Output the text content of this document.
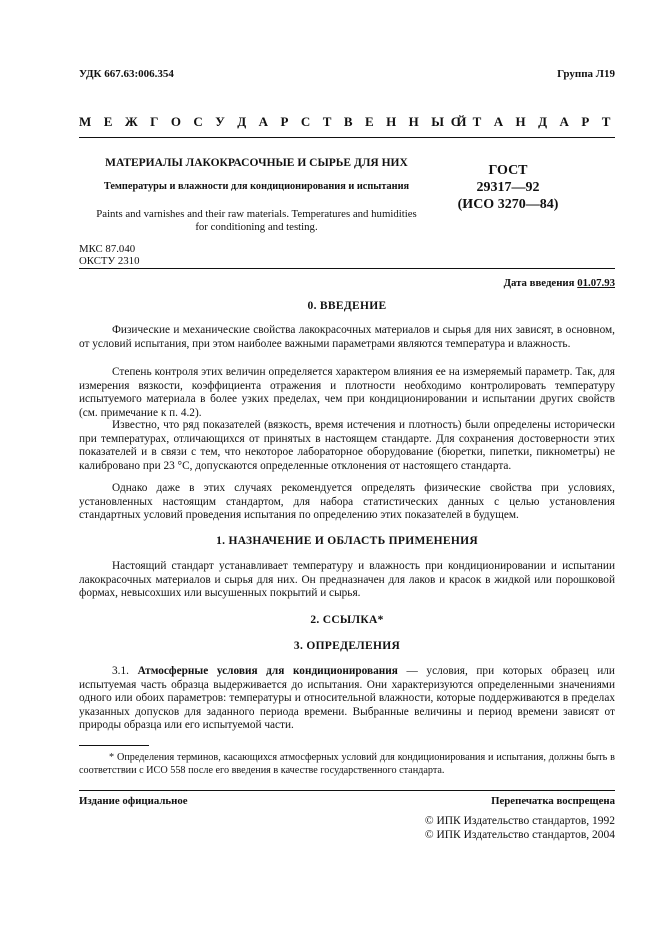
УДК 667.63:006.354	Группа Л19
М Е Ж Г О С У Д А Р С Т В Е Н Н Ы Й
С Т А Н Д А Р Т
МАТЕРИАЛЫ ЛАКОКРАСОЧНЫЕ И СЫРЬЕ ДЛЯ НИХ
Температуры и влажности для кондиционирования и испытания
Paints and varnishes and their raw materials. Temperatures and humidities
for conditioning and testing.
ГОСТ
29317—92
(ИСО 3270—84)
МКС 87.040
ОКСТУ 2310
Дата введения 01.07.93
0. ВВЕДЕНИЕ
Физические и механические свойства лакокрасочных материалов и сырья для них зависят, в основном, от условий испытания, при этом наиболее важными параметрами являются температура и влажность.
Степень контроля этих величин определяется характером влияния ее на измеряемый параметр. Так, для измерения вязкости, коэффициента отражения и плотности необходимо контролировать температуру испытуемого материала в более узких пределах, чем при кондиционировании и испытании других свойств (см. примечание к п. 4.2).
Известно, что ряд показателей (вязкость, время истечения и плотность) были определены исторически при температурах, отличающихся от принятых в настоящем стандарте. Для сохранения достоверности этих показателей и в связи с тем, что некоторое лабораторное оборудование (бюретки, пипетки, пикнометры) не калибровано при 23 °С, допускаются определенные отклонения от настоящего стандарта.
Однако даже в этих случаях рекомендуется определять физические свойства при условиях, установленных настоящим стандартом, для набора статистических данных с целью установления стандартных условий проведения испытания по определению этих показателей в будущем.
1. НАЗНАЧЕНИЕ И ОБЛАСТЬ ПРИМЕНЕНИЯ
Настоящий стандарт устанавливает температуру и влажность при кондиционировании и испытании лакокрасочных материалов и сырья для них. Он предназначен для лаков и красок в жидкой или порошковой формах, невысохших или высушенных покрытий и сырья.
2. ССЫЛКА*
3. ОПРЕДЕЛЕНИЯ
3.1. Атмосферные условия для кондиционирования — условия, при которых образец или испытуемая часть образца выдерживается до испытания. Они характеризуются определенными значениями одного или обоих параметров: температуры и относительной влажности, которые поддерживаются в пределах указанных допусков для заданного периода времени. Выбранные величины и период времени зависят от природы образца или его испытуемой части.
* Определения терминов, касающихся атмосферных условий для кондиционирования и испытания, должны быть в соответствии с ИСО 558 после его введения в качестве государственного стандарта.
Издание официальное	Перепечатка воспрещена
© ИПК Издательство стандартов, 1992
© ИПК Издательство стандартов, 2004
